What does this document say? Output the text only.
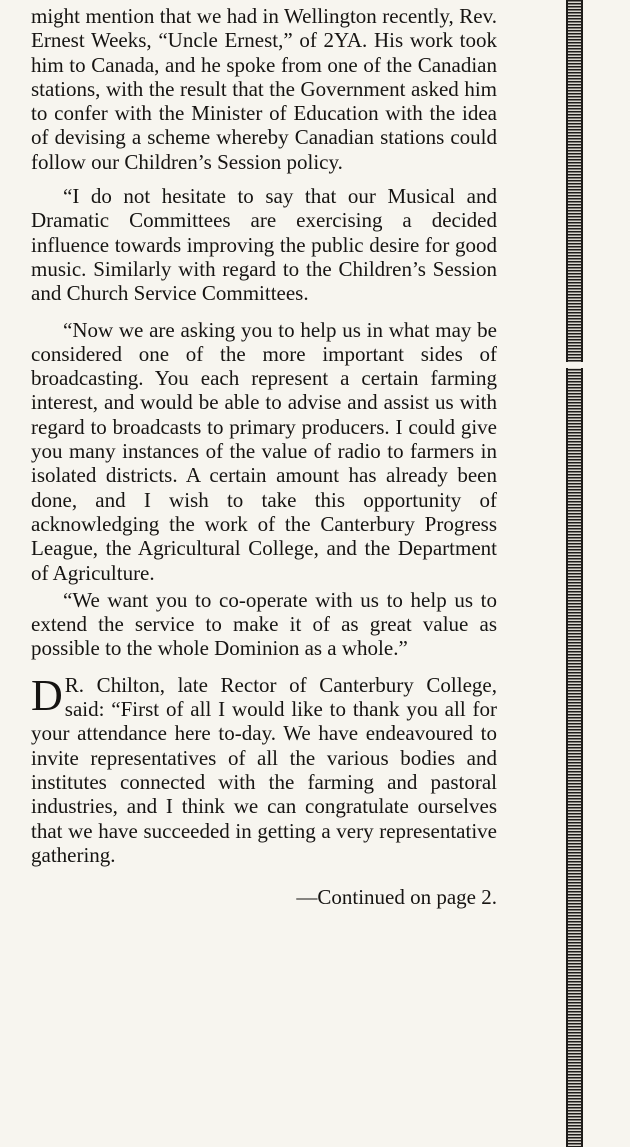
might mention that we had in Wellington recently, Rev. Ernest Weeks, “Uncle Ernest,” of 2YA. His work took him to Canada, and he spoke from one of the Canadian stations, with the result that the Government asked him to confer with the Minister of Education with the idea of devising a scheme whereby Canadian stations could follow our Children’s Session policy.

“I do not hesitate to say that our Musical and Dramatic Committees are exercising a decided influence towards improving the public desire for good music. Similarly with regard to the Children’s Session and Church Service Committees.

“Now we are asking you to help us in what may be considered one of the more important sides of broadcasting. You each represent a certain farming interest, and would be able to advise and assist us with regard to broadcasts to primary producers. I could give you many instances of the value of radio to farmers in isolated districts. A certain amount has already been done, and I wish to take this opportunity of acknowledging the work of the Canterbury Progress League, the Agricultural College, and the Department of Agriculture.

“We want you to co-operate with us to help us to extend the service to make it of as great value as possible to the whole Dominion as a whole.”

D R. Chilton, late Rector of Canterbury College, said: “First of all I would like to thank you all for your attendance here to-day. We have endeavoured to invite representatives of all the various bodies and institutes connected with the farming and pastoral industries, and I think we can congratulate ourselves that we have succeeded in getting a very representative gathering.

—Continued on page 2.
